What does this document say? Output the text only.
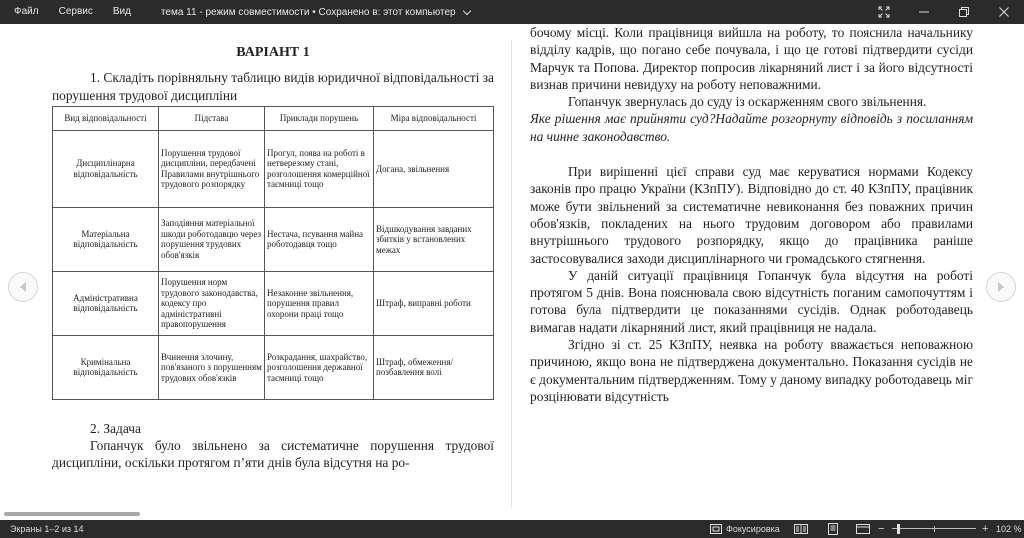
Файл	Сервис	Вид	тема 11 - режим совместимости • Сохранено в: этот компьютер
ВАРІАНТ 1
1. Складіть порівняльну таблицю видів юридичної відповідальності за порушення трудової дисципліни
Вид відповідальності	Підстава	Приклади порушень	Міра відповідальності
Дисциплінарна відповідальність	Порушення трудової дисципліни, передбачені Правилами внутрішнього трудового розпорядку	Прогул, поява на роботі в нетверезому стані, розголошення комерційної таємниці тощо	Догана, звільнення
Матеріальна відповідальність	Заподіяння матеріальної шкоди роботодавцю через порушення трудових обов'язків	Нестача, псування майна роботодавця тощо	Відшкодування завданих збитків у встановлених межах
Адміністративна відповідальність	Порушення норм трудового законодавства, кодексу про адміністративні правопорушення	Незаконне звільнення, порушення правил охорони праці тощо	Штраф, виправні роботи
Кримінальна відповідальність	Вчинення злочину, пов'язаного з порушенням трудових обов'язків	Розкрадання, шахрайство, розголошення державної таємниці тощо	Штраф, обмеження/позбавлення волі
2. Задача
Гопанчук було звільнено за систематичне порушення трудової дисципліни, оскільки протягом п’яти днів була відсутня на ро-
бочому місці. Коли працівниця вийшла на роботу, то пояснила начальнику відділу кадрів, що погано себе почувала, і що це готові підтвердити сусіди Марчук та Попова. Директор попросив лікарняний лист і за його відсутності визнав причини невидуху на роботу неповажними.
Гопанчук звернулась до суду із оскарженням свого звільнення.
Яке рішення має прийняти суд?Надайте розгорнуту відповідь з посиланням на чинне законодавство.
При вирішенні цієї справи суд має керуватися нормами Кодексу законів про працю України (КЗпПУ). Відповідно до ст. 40 КЗпПУ, працівник може бути звільнений за систематичне невиконання без поважних причин обов'язків, покладених на нього трудовим договором або правилами внутрішнього трудового розпорядку, якщо до працівника раніше застосовувалися заходи дисциплінарного чи громадського стягнення.
У даній ситуації працівниця Гопанчук була відсутня на роботі протягом 5 днів. Вона пояснювала свою відсутність поганим самопочуттям і готова була підтвердити це показаннями сусідів. Однак роботодавець вимагав надати лікарняний лист, який працівниця не надала.
Згідно зі ст. 25 КЗпПУ, неявка на роботу вважається неповажною причиною, якщо вона не підтверджена документально. Показання сусідів не є документальним підтвердженням. Тому у даному випадку роботодавець міг розцінювати відсутність
Экраны 1–2 из 14	Фокусировка	−	+ 102 %
